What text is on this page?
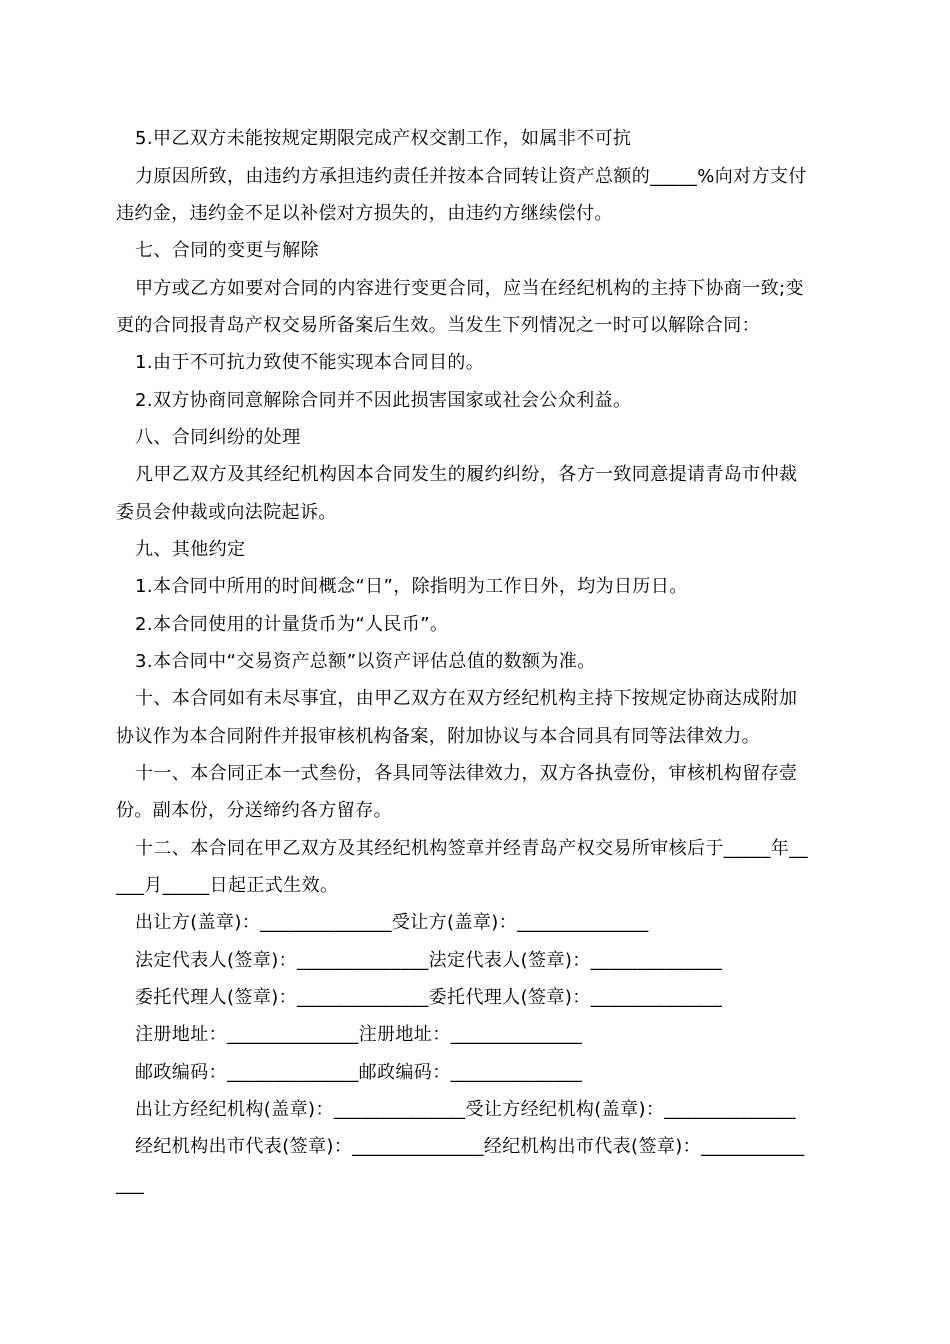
5.甲乙双方未能按规定期限完成产权交割工作，如属非不可抗
力原因所致，由违约方承担违约责任并按本合同转让资产总额的_____%向对方支付
违约金，违约金不足以补偿对方损失的，由违约方继续偿付。
七、合同的变更与解除
甲方或乙方如要对合同的内容进行变更合同，应当在经纪机构的主持下协商一致;变
更的合同报青岛产权交易所备案后生效。当发生下列情况之一时可以解除合同：
1.由于不可抗力致使不能实现本合同目的。
2.双方协商同意解除合同并不因此损害国家或社会公众利益。
八、合同纠纷的处理
凡甲乙双方及其经纪机构因本合同发生的履约纠纷，各方一致同意提请青岛市仲裁
委员会仲裁或向法院起诉。
九、其他约定
1.本合同中所用的时间概念“日”，除指明为工作日外，均为日历日。
2.本合同使用的计量货币为“人民币”。
3.本合同中“交易资产总额”以资产评估总值的数额为准。
十、本合同如有未尽事宜，由甲乙双方在双方经纪机构主持下按规定协商达成附加
协议作为本合同附件并报审核机构备案，附加协议与本合同具有同等法律效力。
十一、本合同正本一式叁份，各具同等法律效力，双方各执壹份，审核机构留存壹
份。副本份，分送缔约各方留存。
十二、本合同在甲乙双方及其经纪机构签章并经青岛产权交易所审核后于_____年__
___月_____日起正式生效。
出让方(盖章)：______________受让方(盖章)：______________
法定代表人(签章)：______________法定代表人(签章)：______________
委托代理人(签章)：______________委托代理人(签章)：______________
注册地址：______________注册地址：______________
邮政编码：______________邮政编码：______________
出让方经纪机构(盖章)：______________受让方经纪机构(盖章)：______________
经纪机构出市代表(签章)：______________经纪机构出市代表(签章)：___________
___
